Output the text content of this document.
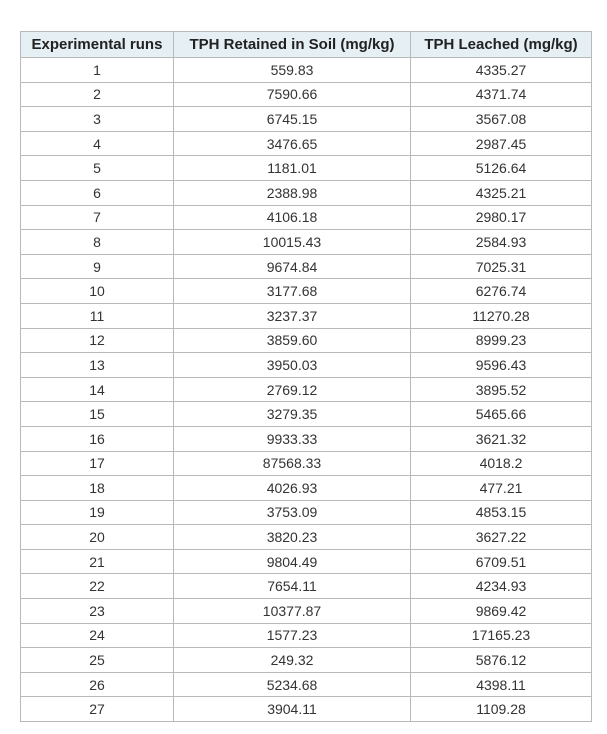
Experimental runs	TPH Retained in Soil (mg/kg)	TPH Leached (mg/kg)
1	559.83	4335.27
2	7590.66	4371.74
3	6745.15	3567.08
4	3476.65	2987.45
5	1181.01	5126.64
6	2388.98	4325.21
7	4106.18	2980.17
8	10015.43	2584.93
9	9674.84	7025.31
10	3177.68	6276.74
11	3237.37	11270.28
12	3859.60	8999.23
13	3950.03	9596.43
14	2769.12	3895.52
15	3279.35	5465.66
16	9933.33	3621.32
17	87568.33	4018.2
18	4026.93	477.21
19	3753.09	4853.15
20	3820.23	3627.22
21	9804.49	6709.51
22	7654.11	4234.93
23	10377.87	9869.42
24	1577.23	17165.23
25	249.32	5876.12
26	5234.68	4398.11
27	3904.11	1109.28
